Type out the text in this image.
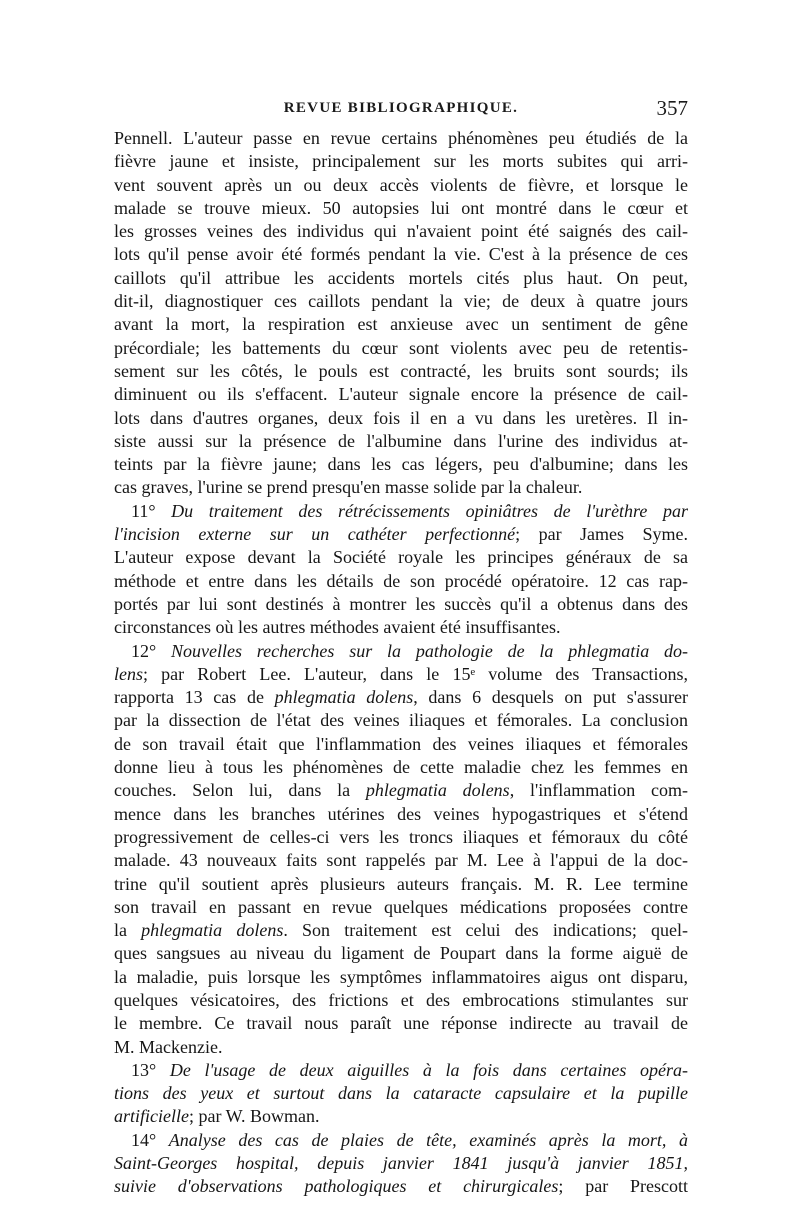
REVUE BIBLIOGRAPHIQUE.	357
Pennell. L'auteur passe en revue certains phénomènes peu étudiés de la
fièvre jaune et insiste, principalement sur les morts subites qui arri-
vent souvent après un ou deux accès violents de fièvre, et lorsque le
malade se trouve mieux. 50 autopsies lui ont montré dans le cœur et
les grosses veines des individus qui n'avaient point été saignés des cail-
lots qu'il pense avoir été formés pendant la vie. C'est à la présence de ces
caillots qu'il attribue les accidents mortels cités plus haut. On peut,
dit-il, diagnostiquer ces caillots pendant la vie; de deux à quatre jours
avant la mort, la respiration est anxieuse avec un sentiment de gêne
précordiale; les battements du cœur sont violents avec peu de retentis-
sement sur les côtés, le pouls est contracté, les bruits sont sourds; ils
diminuent ou ils s'effacent. L'auteur signale encore la présence de cail-
lots dans d'autres organes, deux fois il en a vu dans les uretères. Il in-
siste aussi sur la présence de l'albumine dans l'urine des individus at-
teints par la fièvre jaune; dans les cas légers, peu d'albumine; dans les
cas graves, l'urine se prend presqu'en masse solide par la chaleur.
11° Du traitement des rétrécissements opiniâtres de l'urèthre par
l'incision externe sur un cathéter perfectionné; par James Syme.
L'auteur expose devant la Société royale les principes généraux de sa
méthode et entre dans les détails de son procédé opératoire. 12 cas rap-
portés par lui sont destinés à montrer les succès qu'il a obtenus dans des
circonstances où les autres méthodes avaient été insuffisantes.
12° Nouvelles recherches sur la pathologie de la phlegmatia do-
lens; par Robert Lee. L'auteur, dans le 15ᵉ volume des Transactions,
rapporta 13 cas de phlegmatia dolens, dans 6 desquels on put s'assurer
par la dissection de l'état des veines iliaques et fémorales. La conclusion
de son travail était que l'inflammation des veines iliaques et fémorales
donne lieu à tous les phénomènes de cette maladie chez les femmes en
couches. Selon lui, dans la phlegmatia dolens, l'inflammation com-
mence dans les branches utérines des veines hypogastriques et s'étend
progressivement de celles-ci vers les troncs iliaques et fémoraux du côté
malade. 43 nouveaux faits sont rappelés par M. Lee à l'appui de la doc-
trine qu'il soutient après plusieurs auteurs français. M. R. Lee termine
son travail en passant en revue quelques médications proposées contre
la phlegmatia dolens. Son traitement est celui des indications; quel-
ques sangsues au niveau du ligament de Poupart dans la forme aiguë de
la maladie, puis lorsque les symptômes inflammatoires aigus ont disparu,
quelques vésicatoires, des frictions et des embrocations stimulantes sur
le membre. Ce travail nous paraît une réponse indirecte au travail de
M. Mackenzie.
13° De l'usage de deux aiguilles à la fois dans certaines opéra-
tions des yeux et surtout dans la cataracte capsulaire et la pupille
artificielle; par W. Bowman.
14° Analyse des cas de plaies de tête, examinés après la mort, à
Saint-Georges hospital, depuis janvier 1841 jusqu'à janvier 1851,
suivie d'observations pathologiques et chirurgicales; par Prescott
